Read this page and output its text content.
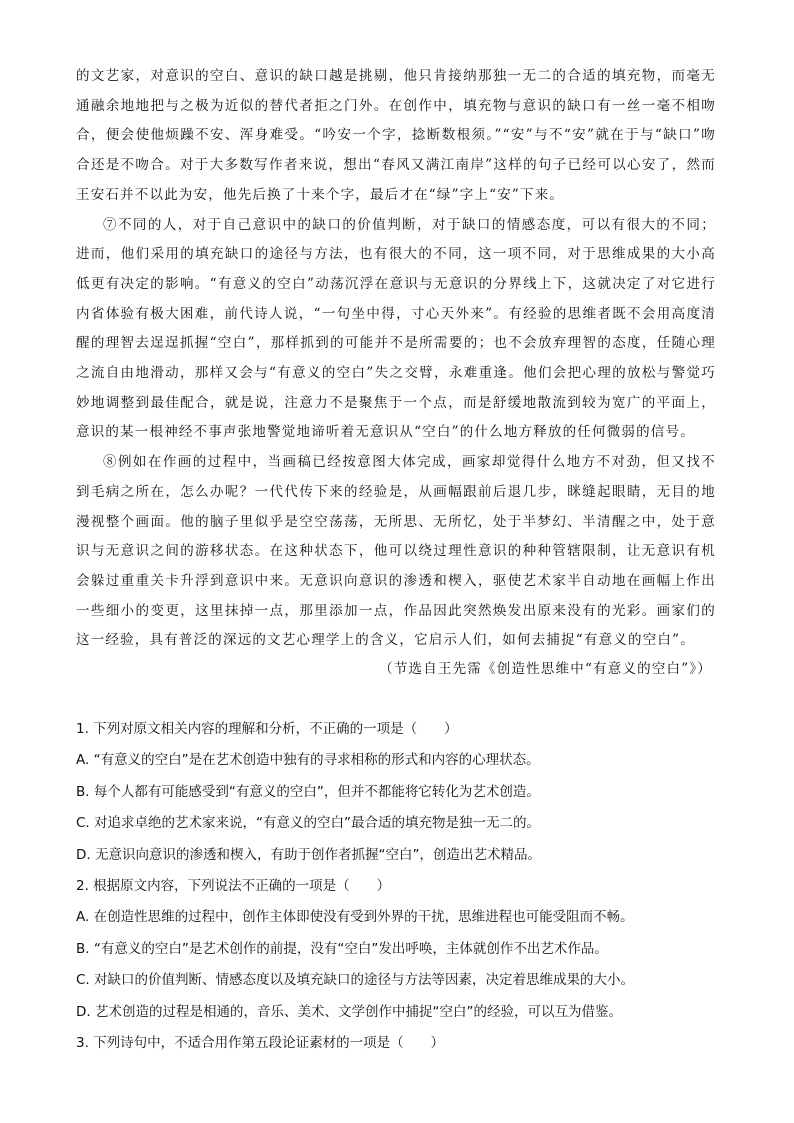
的文艺家，对意识的空白、意识的缺口越是挑剔，他只肯接纳那独一无二的合适的填充物，而毫无通融余地地把与之极为近似的替代者拒之门外。在创作中，填充物与意识的缺口有一丝一毫不相吻合，便会使他烦躁不安、浑身难受。“吟安一个字，捻断数根须。”“安”与不“安”就在于与“缺口”吻合还是不吻合。对于大多数写作者来说，想出“春风又满江南岸”这样的句子已经可以心安了，然而王安石并不以此为安，他先后换了十来个字，最后才在“绿”字上“安”下来。

⑦不同的人，对于自己意识中的缺口的价值判断，对于缺口的情感态度，可以有很大的不同；进而，他们采用的填充缺口的途径与方法，也有很大的不同，这一项不同，对于思维成果的大小高低更有决定的影响。“有意义的空白”动荡沉浮在意识与无意识的分界线上下，这就决定了对它进行内省体验有极大困难，前代诗人说，“一句坐中得，寸心天外来”。有经验的思维者既不会用高度清醒的理智去逞逞抓握“空白”，那样抓到的可能并不是所需要的；也不会放弃理智的态度，任随心理之流自由地滑动，那样又会与“有意义的空白”失之交臂，永难重逢。他们会把心理的放松与警觉巧妙地调整到最佳配合，就是说，注意力不是聚焦于一个点，而是舒缓地散流到较为宽广的平面上，意识的某一根神经不事声张地警觉地谛听着无意识从“空白”的什么地方释放的任何微弱的信号。

⑧例如在作画的过程中，当画稿已经按意图大体完成，画家却觉得什么地方不对劲，但又找不到毛病之所在，怎么办呢？一代代传下来的经验是，从画幅跟前后退几步，眯缝起眼睛，无目的地漫视整个画面。他的脑子里似乎是空空荡荡，无所思、无所忆，处于半梦幻、半清醒之中，处于意识与无意识之间的游移状态。在这种状态下，他可以绕过理性意识的种种管辖限制，让无意识有机会躲过重重关卡升浮到意识中来。无意识向意识的渗透和楔入，驱使艺术家半自动地在画幅上作出一些细小的变更，这里抹掉一点，那里添加一点，作品因此突然焕发出原来没有的光彩。画家们的这一经验，具有普泛的深远的文艺心理学上的含义，它启示人们，如何去捕捉“有意义的空白”。

（节选自王先霈《创造性思维中“有意义的空白”》）
1. 下列对原文相关内容的理解和分析，不正确的一项是（　　）
A. “有意义的空白”是在艺术创造中独有的寻求相称的形式和内容的心理状态。
B. 每个人都有可能感受到“有意义的空白”，但并不都能将它转化为艺术创造。
C. 对追求卓绝的艺术家来说，“有意义的空白”最合适的填充物是独一无二的。
D. 无意识向意识的渗透和楔入，有助于创作者抓握“空白”，创造出艺术精品。
2. 根据原文内容，下列说法不正确的一项是（　　）
A. 在创造性思维的过程中，创作主体即使没有受到外界的干扰，思维进程也可能受阻而不畅。
B. “有意义的空白”是艺术创作的前提，没有“空白”发出呼唤，主体就创作不出艺术作品。
C. 对缺口的价值判断、情感态度以及填充缺口的途径与方法等因素，决定着思维成果的大小。
D. 艺术创造的过程是相通的，音乐、美术、文学创作中捕捉“空白”的经验，可以互为借鉴。
3. 下列诗句中，不适合用作第五段论证素材的一项是（　　）
